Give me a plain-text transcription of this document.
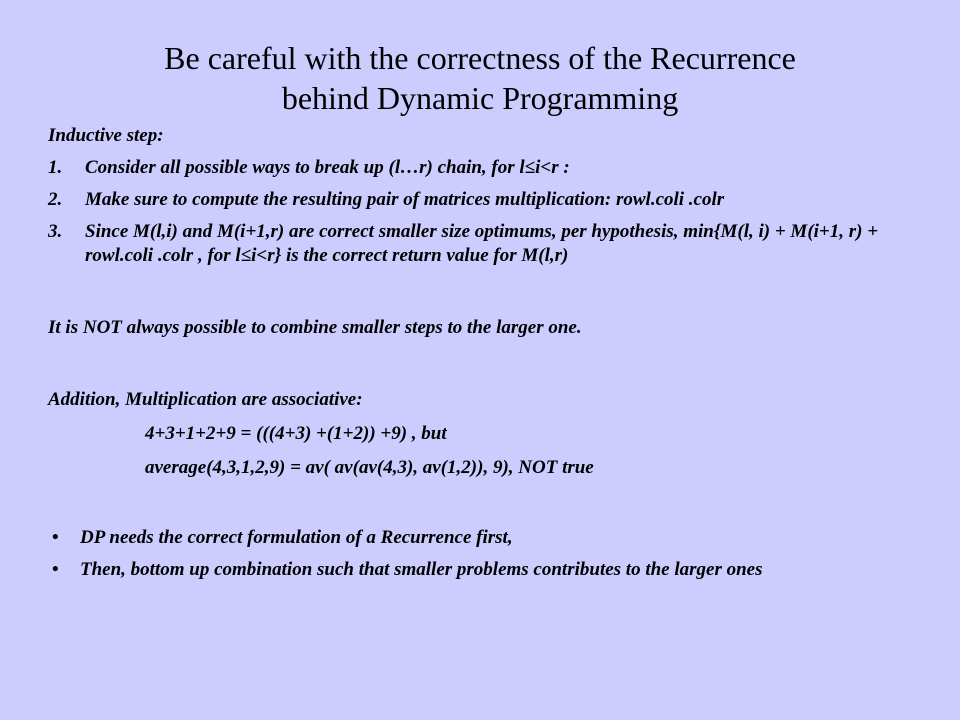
Be careful with the correctness of the Recurrence
behind Dynamic Programming

Inductive step:

1. Consider all possible ways to break up (l…r) chain, for l≤i<r :
2. Make sure to compute the resulting pair of matrices multiplication: rowl.coli .colr
3. Since M(l,i) and M(i+1,r) are correct smaller size optimums, per hypothesis, min{M(l, i) + M(i+1, r) + rowl.coli .colr , for l≤i<r} is the correct return value for M(l,r)

It is NOT always possible to combine smaller steps to the larger one.

Addition, Multiplication are associative:

4+3+1+2+9 = (((4+3) +(1+2)) +9) , but

average(4,3,1,2,9) = av( av(av(4,3), av(1,2)), 9), NOT true

• DP needs the correct formulation of a Recurrence first,
• Then, bottom up combination such that smaller problems contributes to the larger ones
